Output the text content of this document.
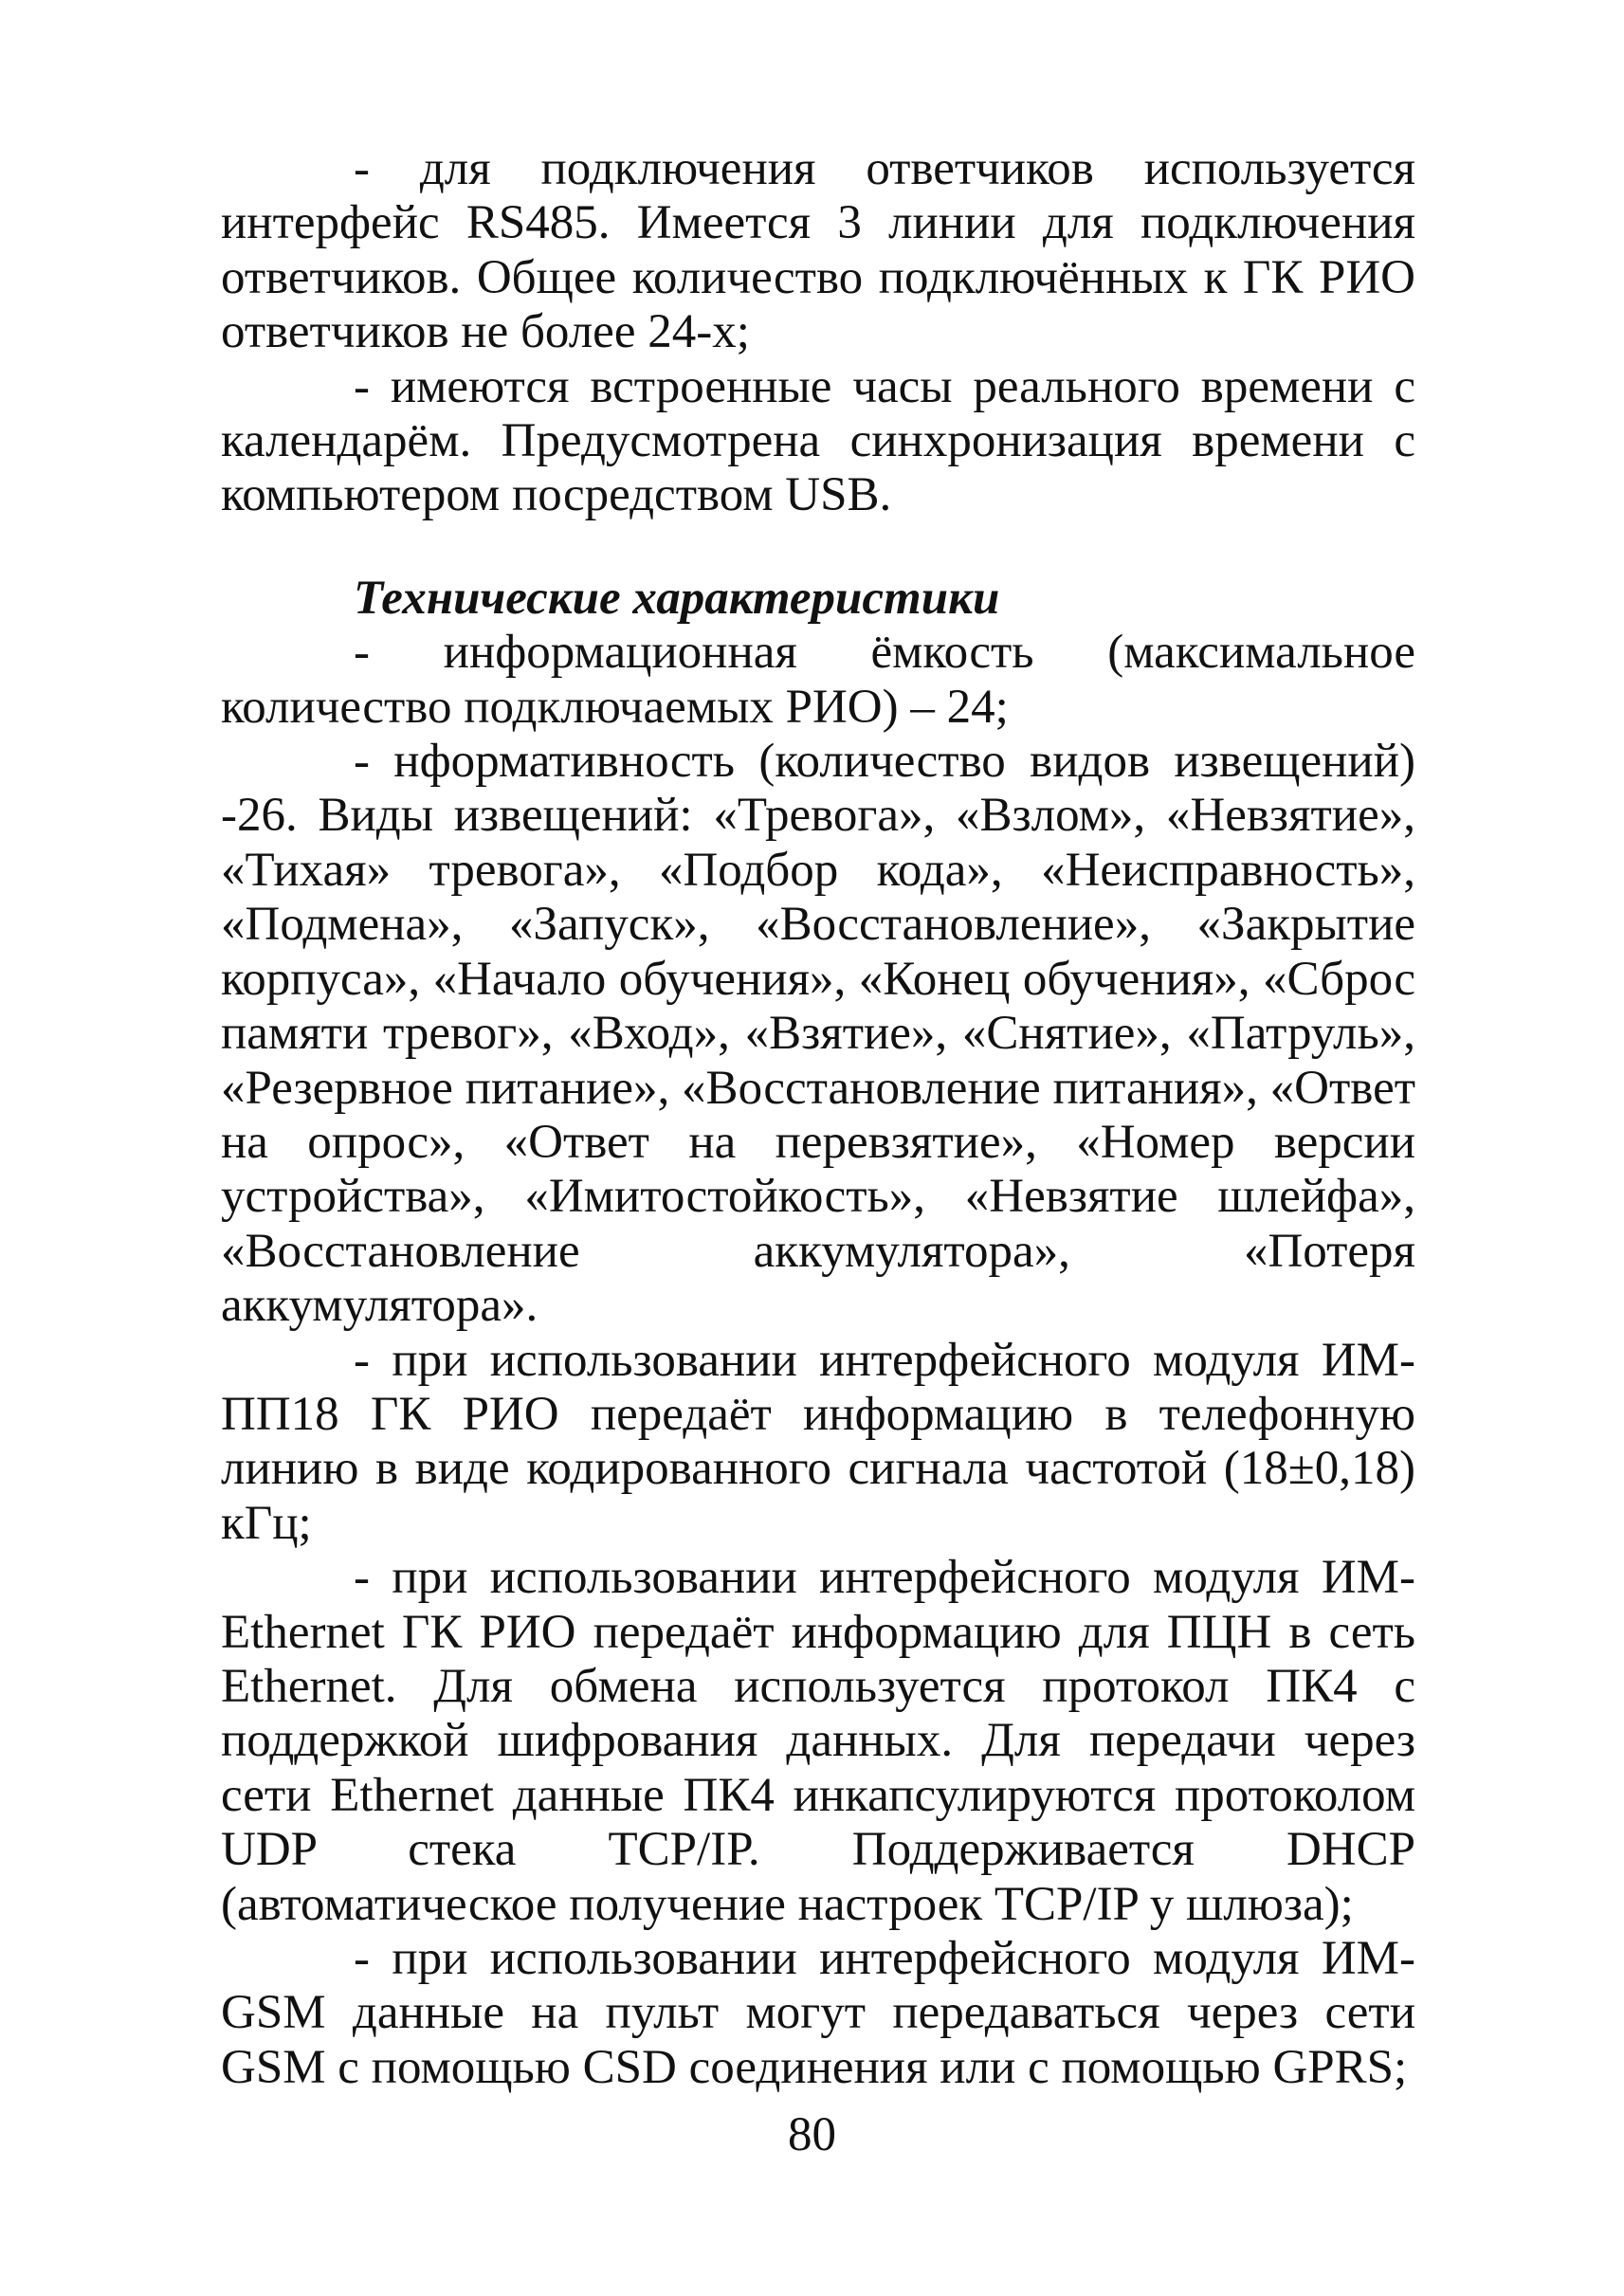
- для подключения ответчиков используется интерфейс RS485. Имеется 3 линии для подключения ответчиков. Общее количество подключённых к ГК РИО ответчиков не более 24-х;

- имеются встроенные часы реального времени с календарём. Предусмотрена синхронизация времени с компьютером посредством USB.

Технические характеристики

- информационная ёмкость (максимальное количество подключаемых РИО) – 24;

- нформативность (количество видов извещений) -26. Виды извещений: «Тревога», «Взлом», «Невзятие», «Тихая» тревога», «Подбор кода», «Неисправность», «Подмена», «Запуск», «Восстановление», «Закрытие корпуса», «Начало обучения», «Конец обучения», «Сброс памяти тревог», «Вход», «Взятие», «Снятие», «Патруль», «Резервное питание», «Восстановление питания», «Ответ на опрос», «Ответ на перевзятие», «Номер версии устройства», «Имитостойкость», «Невзятие шлейфа», «Восстановление аккумулятора», «Потеря аккумулятора».

- при использовании интерфейсного модуля ИМ-ПП18 ГК РИО передаёт информацию в телефонную линию в виде кодированного сигнала частотой (18±0,18) кГц;

- при использовании интерфейсного модуля ИМ-Ethernet ГК РИО передаёт информацию для ПЦН в сеть Ethernet. Для обмена используется протокол ПК4 с поддержкой шифрования данных. Для передачи через сети Ethernet данные ПК4 инкапсулируются протоколом UDP стека TCP/IP. Поддерживается DHCP (автоматическое получение настроек TCP/IP у шлюза);

- при использовании интерфейсного модуля ИМ-GSM данные на пульт могут передаваться через сети GSM с помощью CSD соединения или с помощью GPRS;

80
